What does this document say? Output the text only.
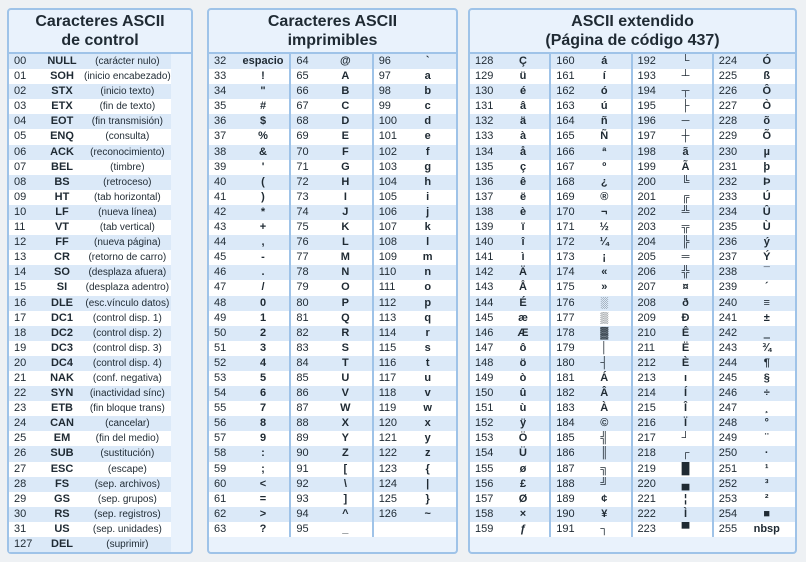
Caracteres ASCII
de control
00	NULL	(carácter nulo)
01	SOH	(inicio encabezado)
02	STX	(inicio texto)
03	ETX	(fin de texto)
04	EOT	(fin transmisión)
05	ENQ	(consulta)
06	ACK	(reconocimiento)
07	BEL	(timbre)
08	BS	(retroceso)
09	HT	(tab horizontal)
10	LF	(nueva línea)
11	VT	(tab vertical)
12	FF	(nueva página)
13	CR	(retorno de carro)
14	SO	(desplaza afuera)
15	SI	(desplaza adentro)
16	DLE	(esc.vínculo datos)
17	DC1	(control disp. 1)
18	DC2	(control disp. 2)
19	DC3	(control disp. 3)
20	DC4	(control disp. 4)
21	NAK	(conf. negativa)
22	SYN	(inactividad sínc)
23	ETB	(fin bloque trans)
24	CAN	(cancelar)
25	EM	(fin del medio)
26	SUB	(sustitución)
27	ESC	(escape)
28	FS	(sep. archivos)
29	GS	(sep. grupos)
30	RS	(sep. registros)
31	US	(sep. unidades)
127	DEL	(suprimir)
Caracteres ASCII
imprimibles
32	espacio
33	!
34	"
35	#
36	$
37	%
38	&
39	'
40	(
41	)
42	*
43	+
44	,
45	-
46	.
47	/
48	0
49	1
50	2
51	3
52	4
53	5
54	6
55	7
56	8
57	9
58	:
59	;
60	<
61	=
62	>
63	?
64	@
65	A
66	B
67	C
68	D
69	E
70	F
71	G
72	H
73	I
74	J
75	K
76	L
77	M
78	N
79	O
80	P
81	Q
82	R
83	S
84	T
85	U
86	V
87	W
88	X
89	Y
90	Z
91	[
92	\
93	]
94	^
95	_
96	`
97	a
98	b
99	c
100	d
101	e
102	f
103	g
104	h
105	i
106	j
107	k
108	l
109	m
110	n
111	o
112	p
113	q
114	r
115	s
116	t
117	u
118	v
119	w
120	x
121	y
122	z
123	{
124	|
125	}
126	~
ASCII extendido
(Página de código 437)
128	Ç
129	ü
130	é
131	â
132	ä
133	à
134	å
135	ç
136	ê
137	ë
138	è
139	ï
140	î
141	ì
142	Ä
143	Å
144	É
145	æ
146	Æ
147	ô
148	ö
149	ò
150	û
151	ù
152	ÿ
153	Ö
154	Ü
155	ø
156	£
157	Ø
158	×
159	ƒ
160	á
161	í
162	ó
163	ú
164	ñ
165	Ñ
166	ª
167	º
168	¿
169	®
170	¬
171	½
172	¼
173	¡
174	«
175	»
176	░
177	▒
178	▓
179	│
180	┤
181	Á
182	Â
183	À
184	©
185	╣
186	║
187	╗
188	╝
189	¢
190	¥
191	┐
192	└
193	┴
194	┬
195	├
196	─
197	┼
198	ã
199	Ã
200	╚
201	╔
202	╩
203	╦
204	╠
205	═
206	╬
207	¤
208	ð
209	Ð
210	Ê
211	Ë
212	È
213	ı
214	Í
215	Î
216	Ï
217	┘
218	┌
219	█
220	▄
221	¦
222	Ì
223	▀
224	Ó
225	ß
226	Ô
227	Ò
228	õ
229	Õ
230	µ
231	þ
232	Þ
233	Ú
234	Û
235	Ù
236	ý
237	Ý
238	¯
239	´
240	≡
241	±
242	‗
243	¾
244	¶
245	§
246	÷
247	¸
248	°
249	¨
250	·
251	¹
252	³
253	²
254	■
255	nbsp
